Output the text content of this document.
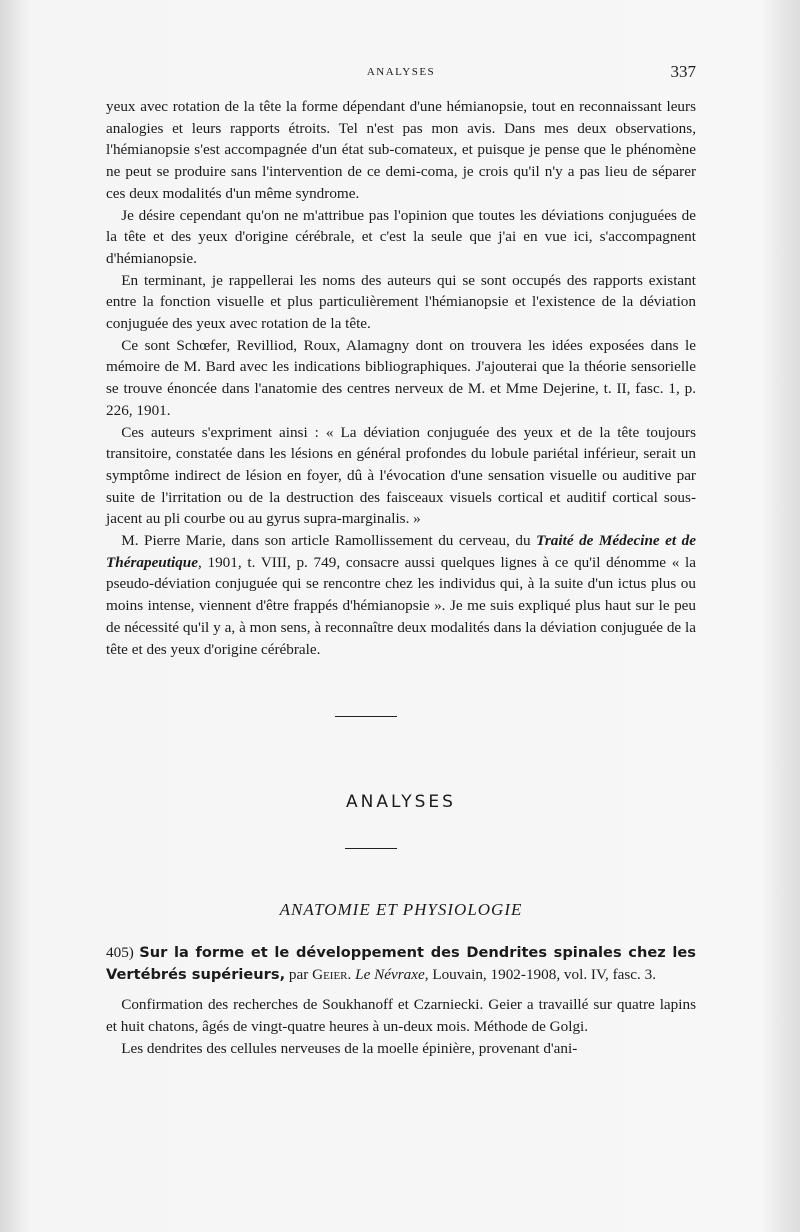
ANALYSES	337

yeux avec rotation de la tête la forme dépendant d'une hémianopsie, tout en reconnaissant leurs analogies et leurs rapports étroits. Tel n'est pas mon avis. Dans mes deux observations, l'hémianopsie s'est accompagnée d'un état sub-comateux, et puisque je pense que le phénomène ne peut se produire sans l'intervention de ce demi-coma, je crois qu'il n'y a pas lieu de séparer ces deux modalités d'un même syndrome.

Je désire cependant qu'on ne m'attribue pas l'opinion que toutes les déviations conjuguées de la tête et des yeux d'origine cérébrale, et c'est la seule que j'ai en vue ici, s'accompagnent d'hémianopsie.

En terminant, je rappellerai les noms des auteurs qui se sont occupés des rapports existant entre la fonction visuelle et plus particulièrement l'hémianopsie et l'existence de la déviation conjuguée des yeux avec rotation de la tête.

Ce sont Schœfer, Revilliod, Roux, Alamagny dont on trouvera les idées exposées dans le mémoire de M. Bard avec les indications bibliographiques. J'ajouterai que la théorie sensorielle se trouve énoncée dans l'anatomie des centres nerveux de M. et Mme Dejerine, t. II, fasc. 1, p. 226, 1901.

Ces auteurs s'expriment ainsi : « La déviation conjuguée des yeux et de la tête toujours transitoire, constatée dans les lésions en général profondes du lobule pariétal inférieur, serait un symptôme indirect de lésion en foyer, dû à l'évocation d'une sensation visuelle ou auditive par suite de l'irritation ou de la destruction des faisceaux visuels cortical et auditif cortical sous-jacent au pli courbe ou au gyrus supra-marginalis. »

M. Pierre Marie, dans son article Ramollissement du cerveau, du Traité de Médecine et de Thérapeutique, 1901, t. VIII, p. 749, consacre aussi quelques lignes à ce qu'il dénomme « la pseudo-déviation conjuguée qui se rencontre chez les individus qui, à la suite d'un ictus plus ou moins intense, viennent d'être frappés d'hémianopsie ». Je me suis expliqué plus haut sur le peu de nécessité qu'il y a, à mon sens, à reconnaître deux modalités dans la déviation conjuguée de la tête et des yeux d'origine cérébrale.

ANALYSES
ANATOMIE ET PHYSIOLOGIE

405) Sur la forme et le développement des Dendrites spinales chez les Vertébrés supérieurs, par Geier. Le Névraxe, Louvain, 1902-1908, vol. IV, fasc. 3.

Confirmation des recherches de Soukhanoff et Czarniecki. Geier a travaillé sur quatre lapins et huit chatons, âgés de vingt-quatre heures à un-deux mois. Méthode de Golgi.

Les dendrites des cellules nerveuses de la moelle épinière, provenant d'ani-
